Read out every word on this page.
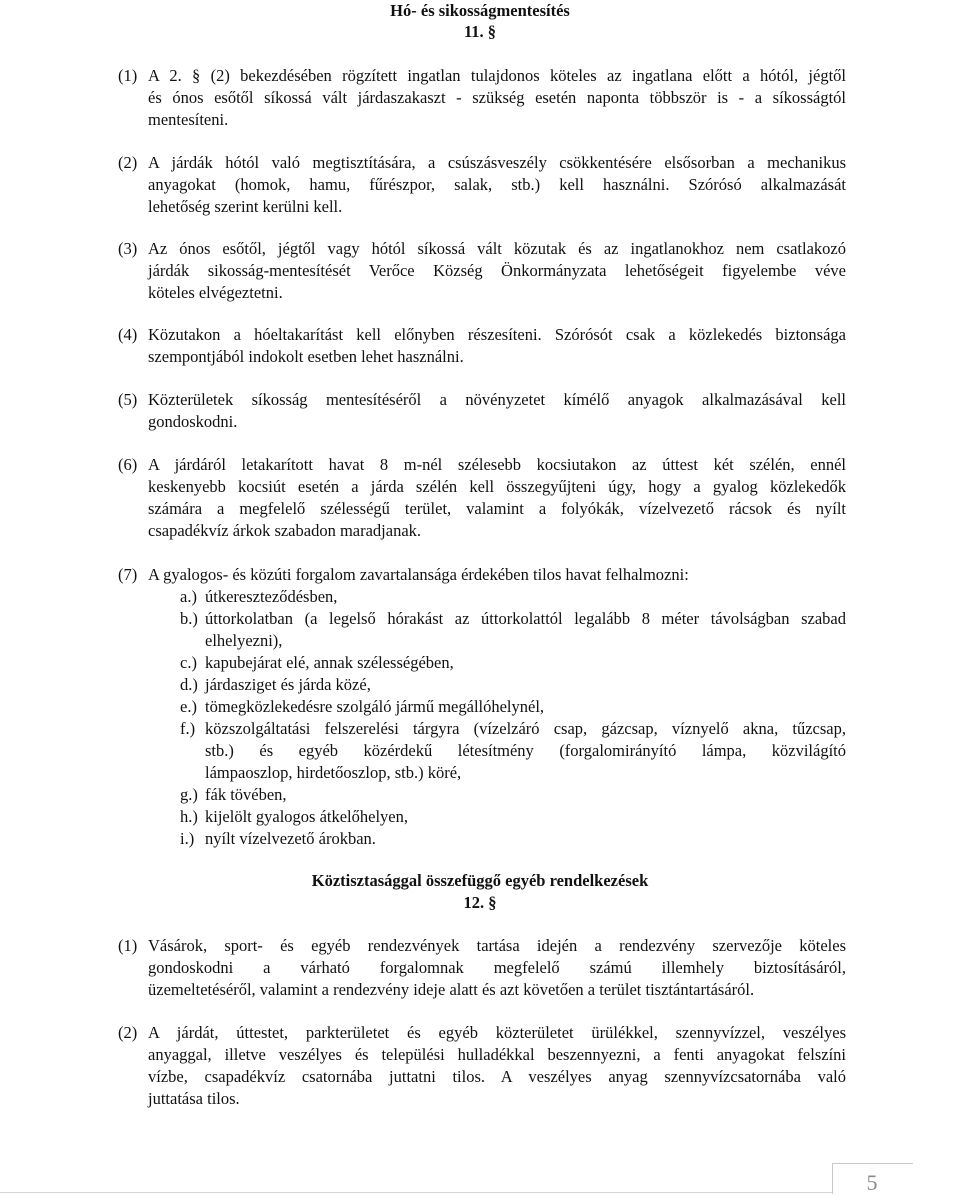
Hó- és sikosságmentesítés
11. §
(1) A 2. § (2) bekezdésében rögzített ingatlan tulajdonos köteles az ingatlana előtt a hótól, jégtől
és ónos esőtől síkossá vált járdaszakaszt - szükség esetén naponta többször is - a síkosságtól
mentesíteni.
(2) A járdák hótól való megtisztítására, a csúszásveszély csökkentésére elsősorban a mechanikus
anyagokat (homok, hamu, fűrészpor, salak, stb.) kell használni. Szórósó alkalmazását
lehetőség szerint kerülni kell.
(3) Az ónos esőtől, jégtől vagy hótól síkossá vált közutak és az ingatlanokhoz nem csatlakozó
járdák sikosság-mentesítését Verőce Község Önkormányzata lehetőségeit figyelembe véve
köteles elvégeztetni.
(4) Közutakon a hóeltakarítást kell előnyben részesíteni. Szórósót csak a közlekedés biztonsága
szempontjából indokolt esetben lehet használni.
(5) Közterületek síkosság mentesítéséről a növényzetet kímélő anyagok alkalmazásával kell
gondoskodni.
(6) A járdáról letakarított havat 8 m-nél szélesebb kocsiutakon az úttest két szélén, ennél
keskenyebb kocsiút esetén a járda szélén kell összegyűjteni úgy, hogy a gyalog közlekedők
számára a megfelelő szélességű terület, valamint a folyókák, vízelvezető rácsok és nyílt
csapadékvíz árkok szabadon maradjanak.
(7) A gyalogos- és közúti forgalom zavartalansága érdekében tilos havat felhalmozni:
a.) útkereszteződésben,
b.) úttorkolatban (a legelső hórakást az úttorkolattól legalább 8 méter távolságban szabad
elhelyezni),
c.) kapubejárat elé, annak szélességében,
d.) járdasziget és járda közé,
e.) tömegközlekedésre szolgáló jármű megállóhelynél,
f.) közszolgáltatási felszerelési tárgyra (vízelzáró csap, gázcsap, víznyelő akna, tűzcsap,
stb.) és egyéb közérdekű létesítmény (forgalomirányító lámpa, közvilágító
lámpaoszlop, hirdetőoszlop, stb.) köré,
g.) fák tövében,
h.) kijelölt gyalogos átkelőhelyen,
i.) nyílt vízelvezető árokban.
Köztisztasággal összefüggő egyéb rendelkezések
12. §
(1) Vásárok, sport- és egyéb rendezvények tartása idején a rendezvény szervezője köteles
gondoskodni a várható forgalomnak megfelelő számú illemhely biztosításáról,
üzemeltetéséről, valamint a rendezvény ideje alatt és azt követően a terület tisztántartásáról.
(2) A járdát, úttestet, parkterületet és egyéb közterületet ürülékkel, szennyvízzel, veszélyes
anyaggal, illetve veszélyes és települési hulladékkal beszennyezni, a fenti anyagokat felszíni
vízbe, csapadékvíz csatornába juttatni tilos. A veszélyes anyag szennyvízcsatornába való
juttatása tilos.
5
